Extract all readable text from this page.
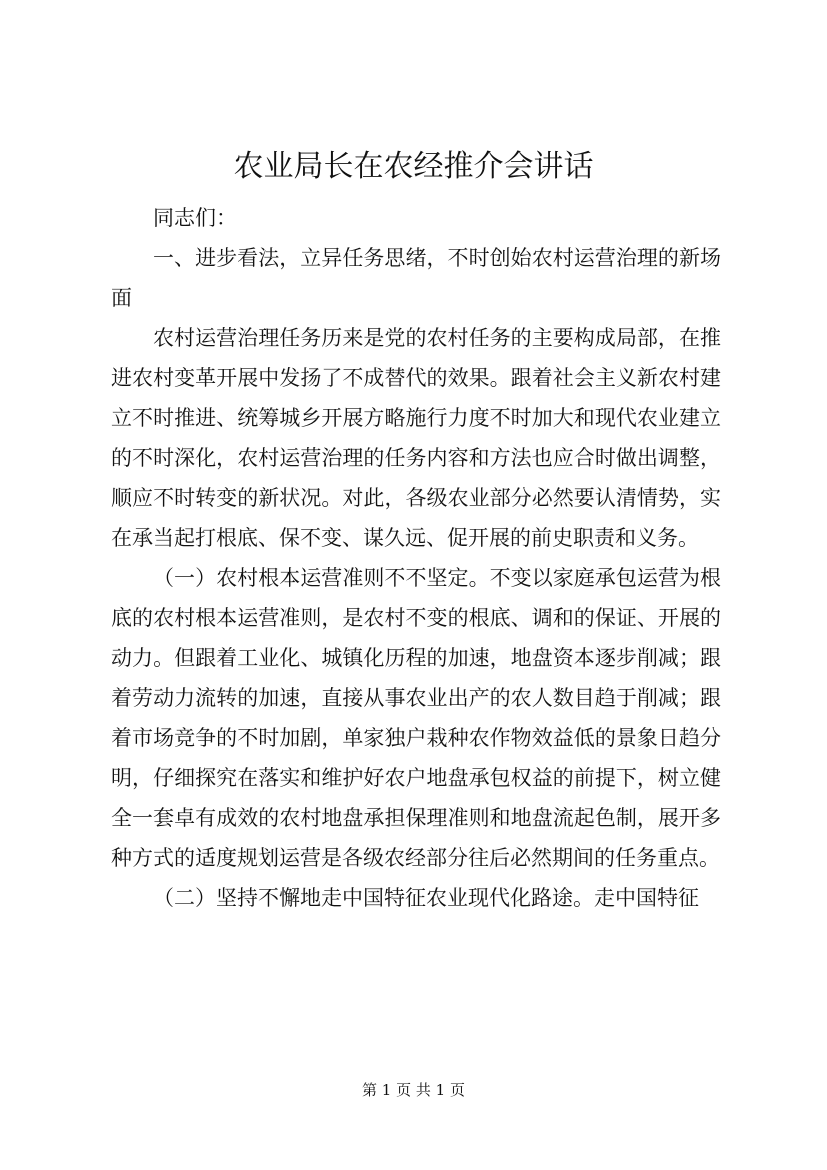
农业局长在农经推介会讲话

同志们：

一、进步看法，立异任务思绪，不时创始农村运营治理的新场面

农村运营治理任务历来是党的农村任务的主要构成局部，在推进农村变革开展中发扬了不成替代的效果。跟着社会主义新农村建立不时推进、统筹城乡开展方略施行力度不时加大和现代农业建立的不时深化，农村运营治理的任务内容和方法也应合时做出调整，顺应不时转变的新状况。对此，各级农业部分必然要认清情势，实在承当起打根底、保不变、谋久远、促开展的前史职责和义务。

（一）农村根本运营准则不不坚定。不变以家庭承包运营为根底的农村根本运营准则，是农村不变的根底、调和的保证、开展的动力。但跟着工业化、城镇化历程的加速，地盘资本逐步削减；跟着劳动力流转的加速，直接从事农业出产的农人数目趋于削减；跟着市场竞争的不时加剧，单家独户栽种农作物效益低的景象日趋分明，仔细探究在落实和维护好农户地盘承包权益的前提下，树立健全一套卓有成效的农村地盘承担保理准则和地盘流起色制，展开多种方式的适度规划运营是各级农经部分往后必然期间的任务重点。

（二）坚持不懈地走中国特征农业现代化路途。走中国特征

第 1 页 共 1 页
